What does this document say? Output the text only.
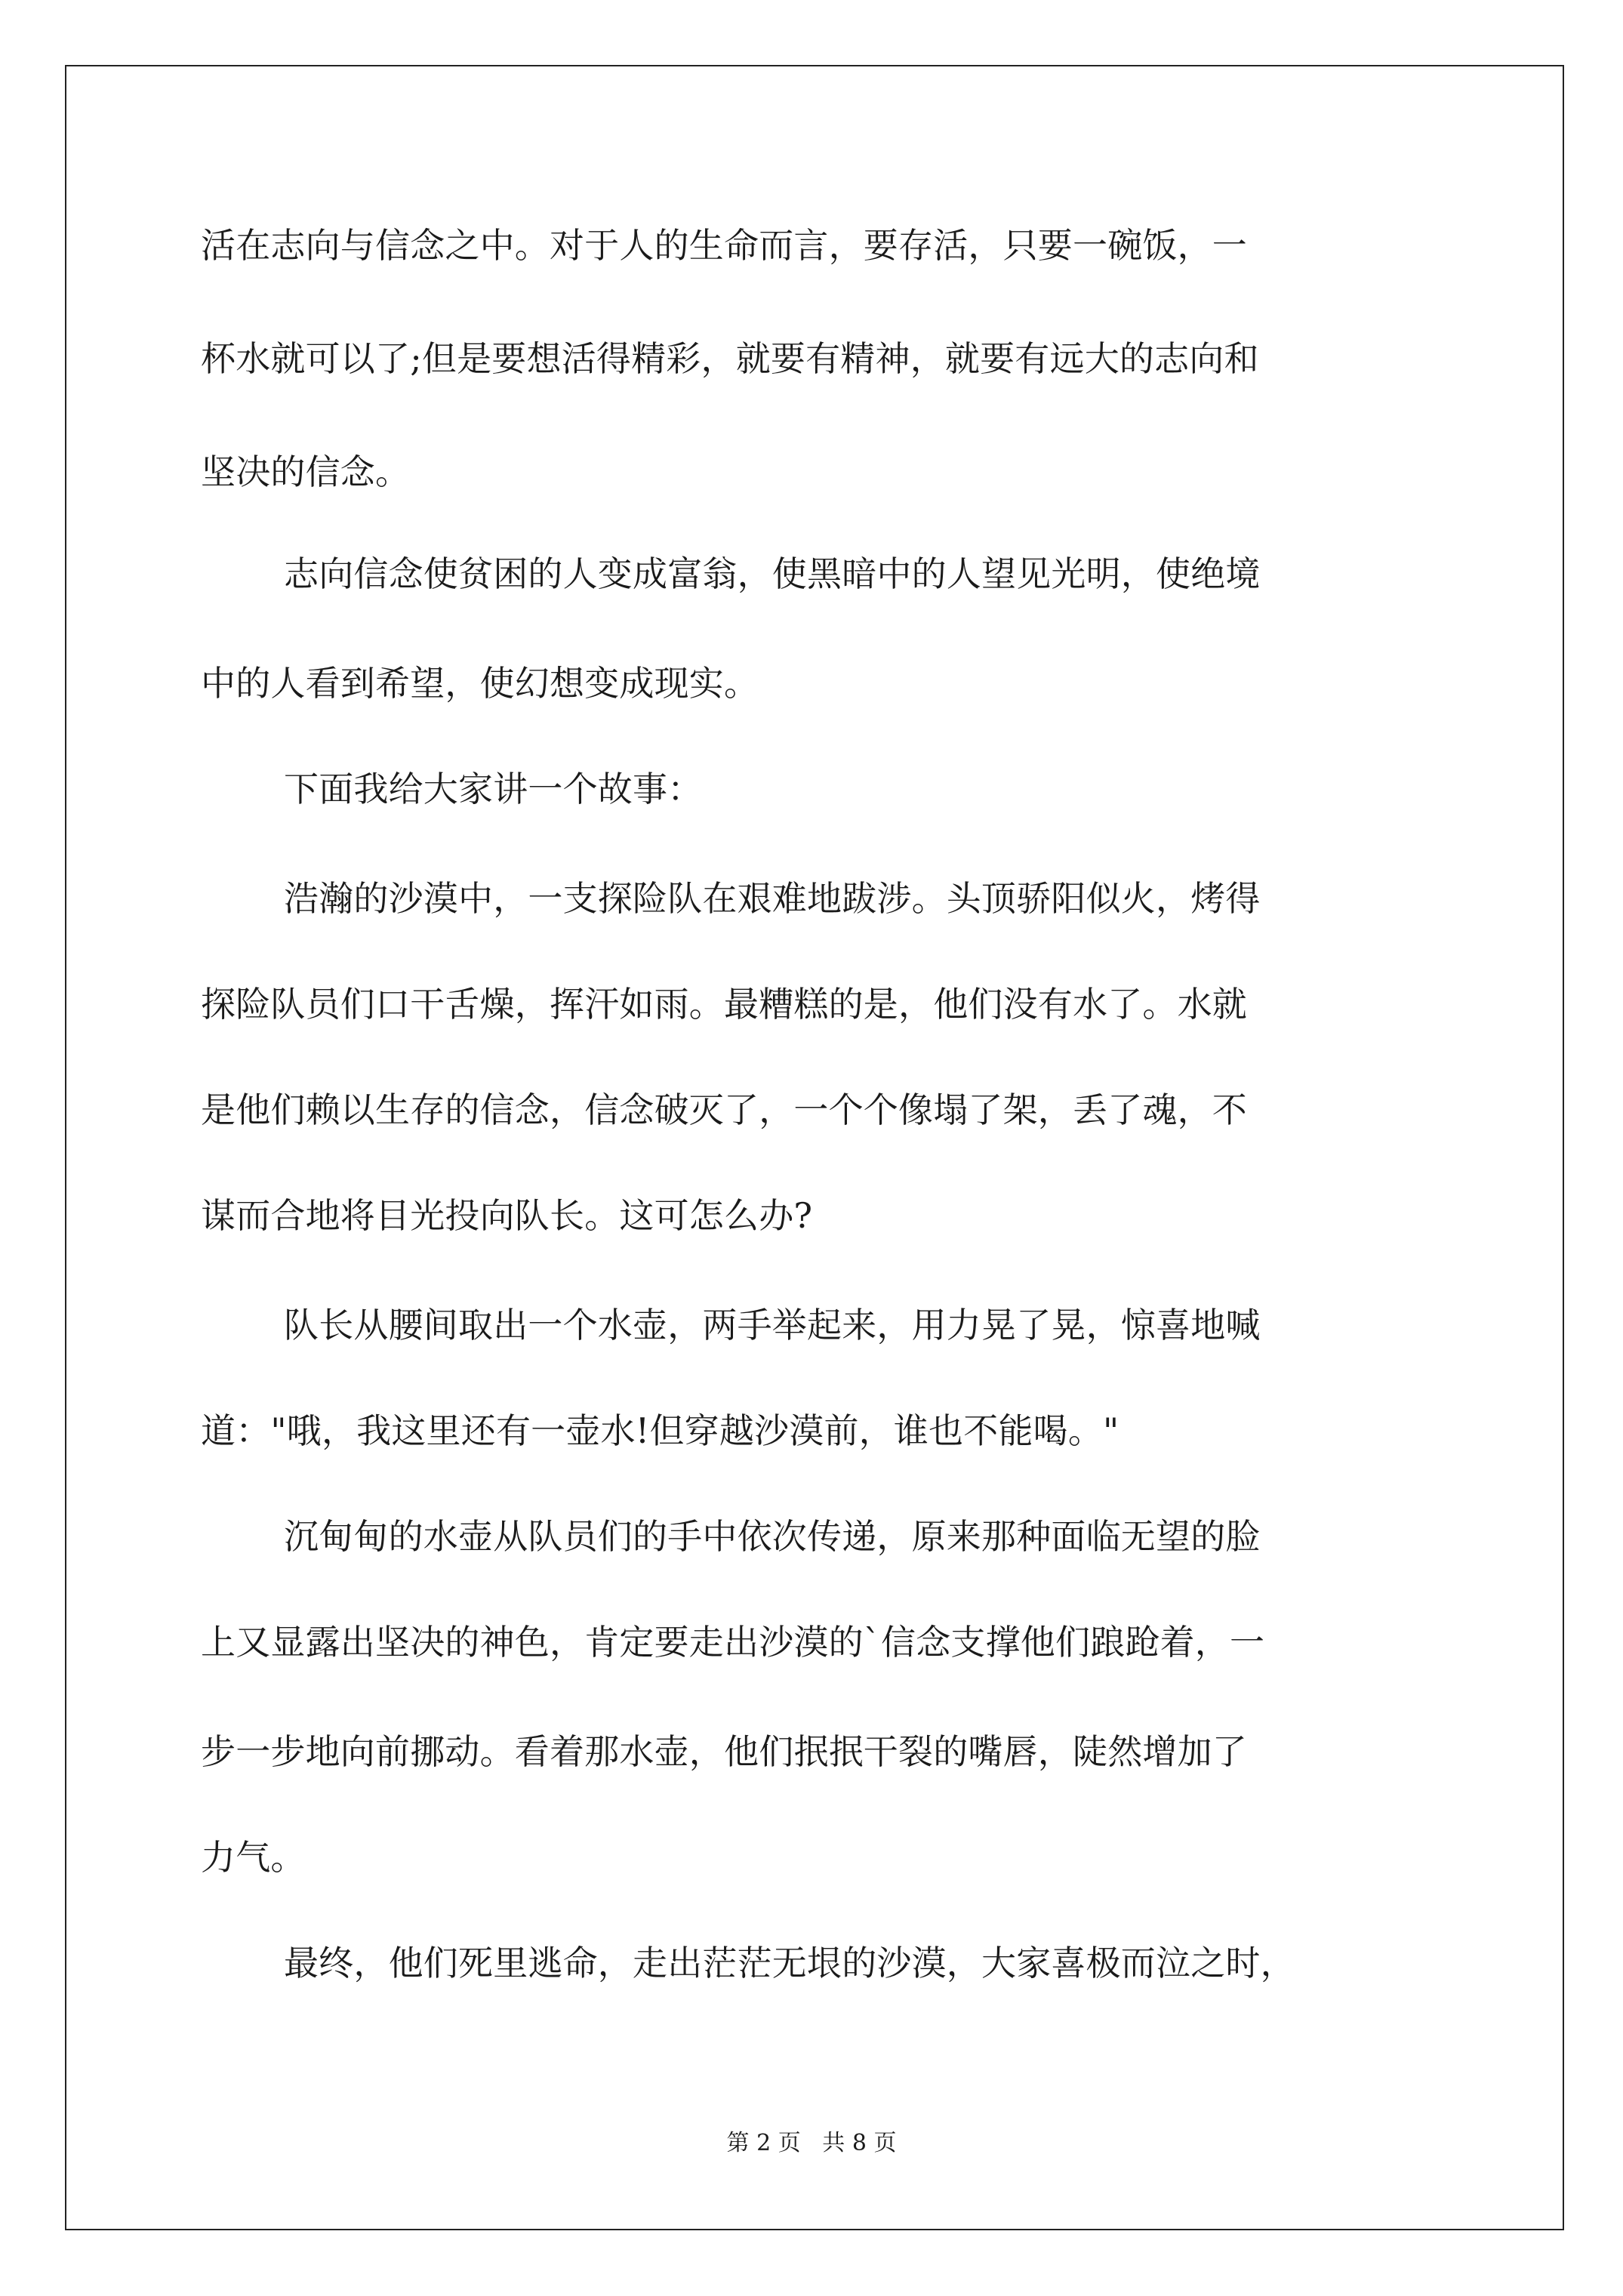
活在志向与信念之中。对于人的生命而言，要存活，只要一碗饭，一
杯水就可以了;但是要想活得精彩，就要有精神，就要有远大的志向和
坚决的信念。
志向信念使贫困的人变成富翁，使黑暗中的人望见光明，使绝境
中的人看到希望，使幻想变成现实。
下面我给大家讲一个故事：
浩瀚的沙漠中，一支探险队在艰难地跋涉。头顶骄阳似火，烤得
探险队员们口干舌燥，挥汗如雨。最糟糕的是，他们没有水了。水就
是他们赖以生存的信念，信念破灭了，一个个像塌了架，丢了魂，不
谋而合地将目光投向队长。这可怎么办?
队长从腰间取出一个水壶，两手举起来，用力晃了晃，惊喜地喊
道："哦，我这里还有一壶水!但穿越沙漠前，谁也不能喝。"
沉甸甸的水壶从队员们的手中依次传递，原来那种面临无望的脸
上又显露出坚决的神色，肯定要走出沙漠的`信念支撑他们踉跄着，一
步一步地向前挪动。看着那水壶，他们抿抿干裂的嘴唇，陡然增加了
力气。
最终，他们死里逃命，走出茫茫无垠的沙漠，大家喜极而泣之时，
第 2 页   共 8 页
